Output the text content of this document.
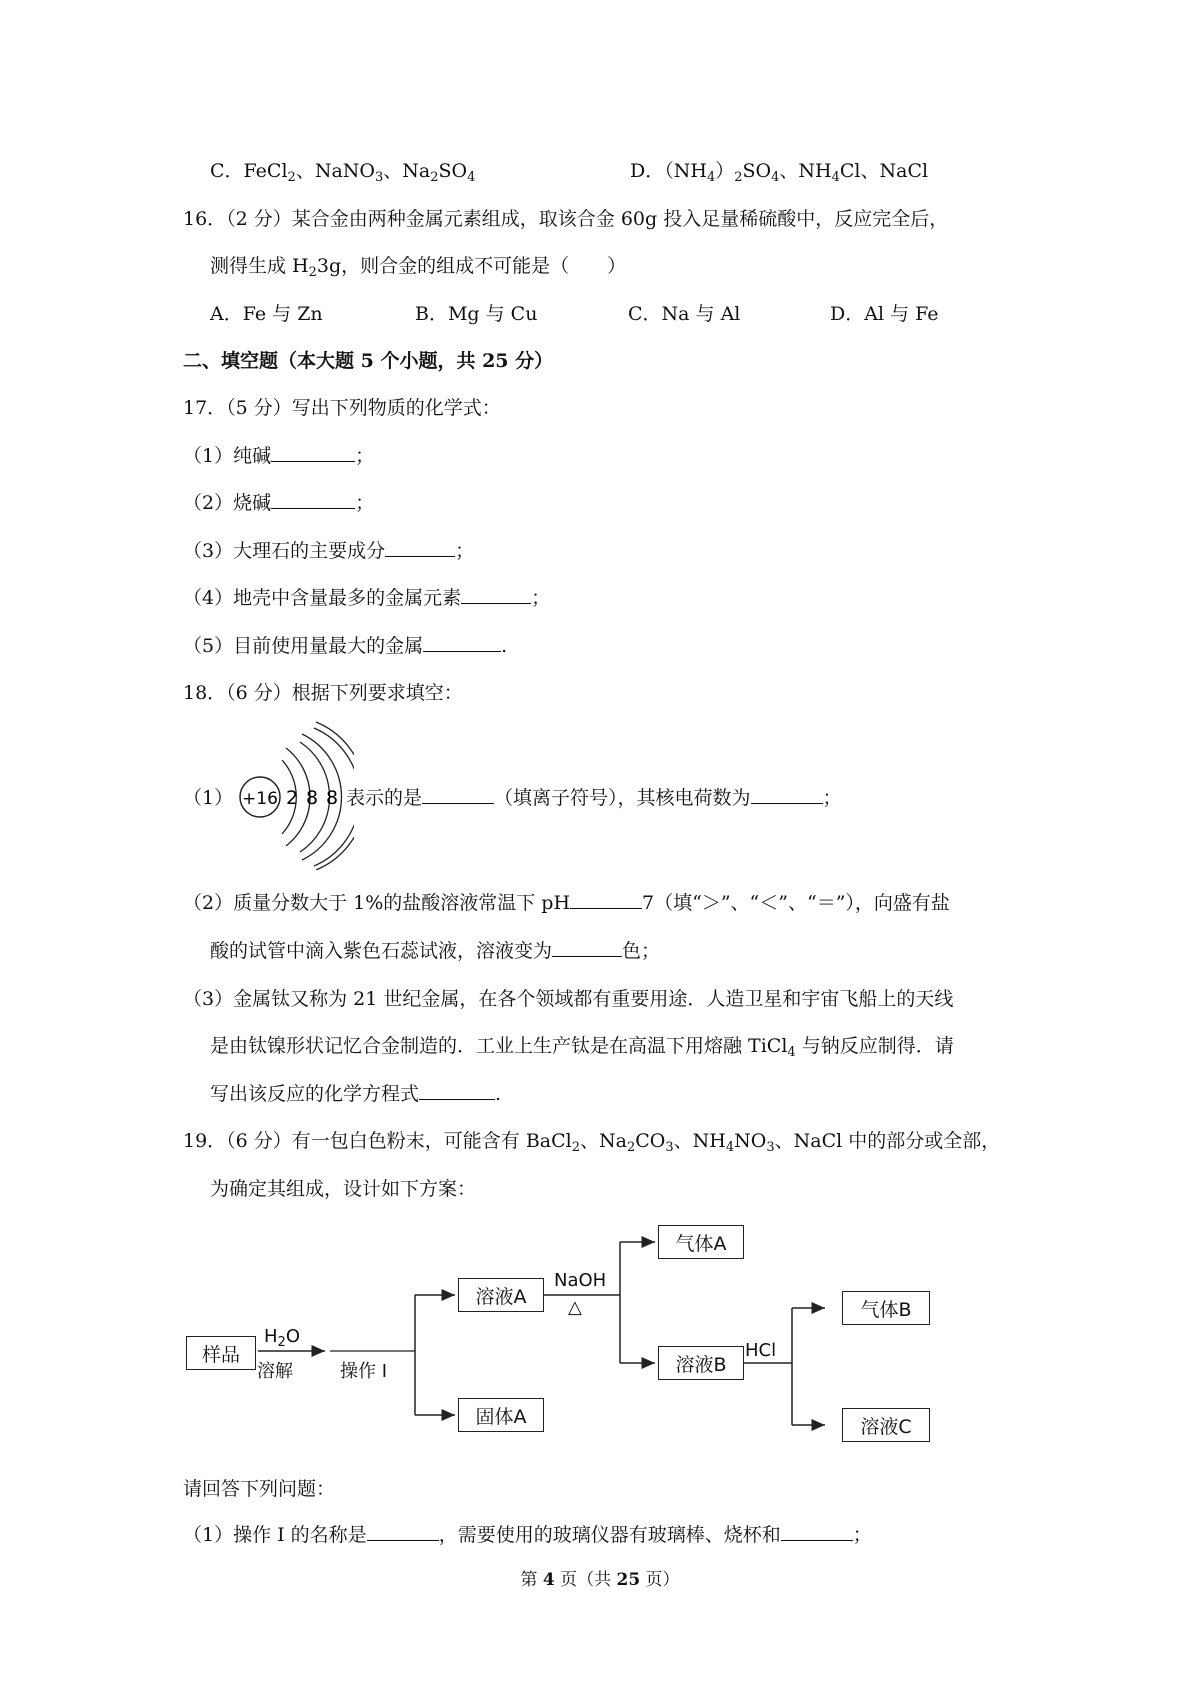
C．FeCl$_2$、NaNO$_3$、$Na_2SO_4$	D．$(NH_4)_2SO_4$、$NH_4Cl$、NaCl
16．（2 分）某合金由两种金属元素组成，取该合金 60g 投入足量稀硫酸中，反应完全后，
测得生成 $H_23g$，则合金的组成不可能是（　　）
A．Fe 与 Zn	B．Mg 与 Cu	C．Na 与 Al	D．Al 与 Fe
二、填空题（本大题 5 个小题，共 25 分）
17．（5 分）写出下列物质的化学式：
（1）纯碱	；
（2）烧碱	；
（3）大理石的主要成分	；
（4）地壳中含量最多的金属元素	；
（5）目前使用量最大的金属	.
18．（6 分）根据下列要求填空：
（1） +16 2 8 8 表示的是	（填离子符号），其核电荷数为	；
（2）质量分数大于 1%的盐酸溶液常温下 pH	7（填“＞”、“＜”、“＝”），向盛有盐
酸的试管中滴入紫色石蕊试液，溶液变为	色；
（3）金属钛又称为 21 世纪金属，在各个领域都有重要用途．人造卫星和宇宙飞船上的天线
是由钛镍形状记忆合金制造的．工业上生产钛是在高温下用熔融 TiCl$_4$ 与钠反应制得．请
写出该反应的化学方程式	.
19．（6 分）有一包白色粉末，可能含有 BaCl$_2$、$Na_2CO_3$、$NH_4NO_3$、NaCl 中的部分或全部，
为确定其组成，设计如下方案：
样品
$H_2O$
溶解	操作 I
溶液A
固体A
NaOH
△
气体A
溶液B
HCl
气体B
溶液C
请回答下列问题：
（1）操作 I 的名称是	，需要使用的玻璃仪器有玻璃棒、烧杯和	；
第 4 页（共 25 页）
